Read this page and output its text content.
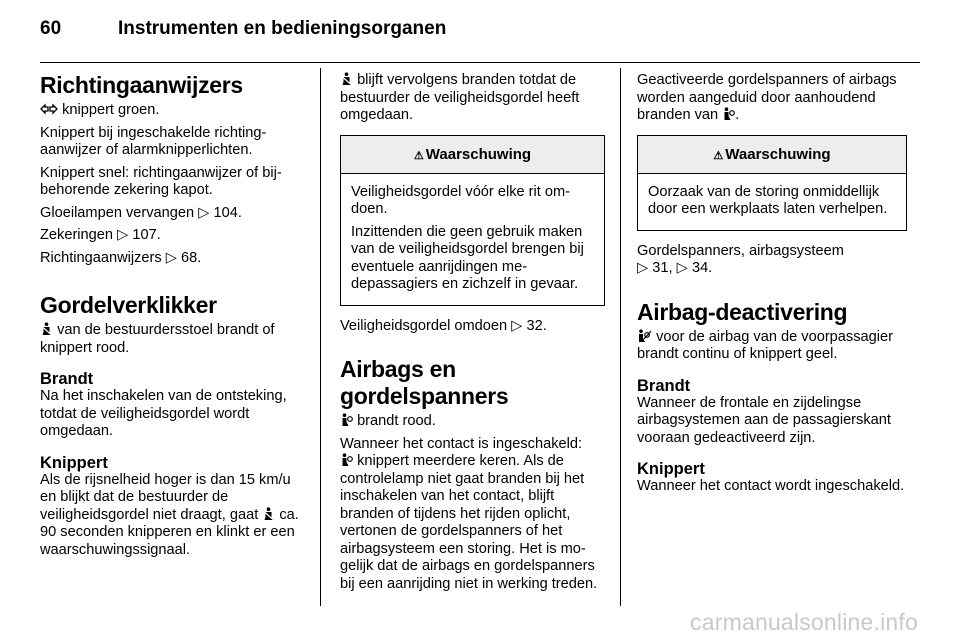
60	Instrumenten en bedieningsorganen
Richtingaanwijzers

knippert groen.

Knippert bij ingeschakelde richtingaanwijzer of alarmknipperlichten.

Knippert snel: richtingaanwijzer of bijbehorende zekering kapot.

Gloeilampen vervangen ▷ 104.

Zekeringen ▷ 107.

Richtingaanwijzers ▷ 68.

Gordelverklikker

van de bestuurdersstoel brandt of knippert rood.

Brandt

Na het inschakelen van de ontsteking, totdat de veiligheidsgordel wordt omgedaan.

Knippert

Als de rijsnelheid hoger is dan 15 km/u en blijkt dat de bestuurder de veiligheidsgordel niet draagt, gaat ca. 90 seconden knipperen en klinkt er een waarschuwingssignaal.

blijft vervolgens branden totdat de bestuurder de veiligheidsgordel heeft omgedaan.

⚠ Waarschuwing

Veiligheidsgordel vóór elke rit omdoen.

Inzittenden die geen gebruik maken van de veiligheidsgordel brengen bij eventuele aanrijdingen medepassagiers en zichzelf in gevaar.

Veiligheidsgordel omdoen ▷ 32.

Airbags en gordelspanners

brandt rood.

Wanneer het contact is ingeschakeld:
knippert meerdere keren. Als de controlelamp niet gaat branden bij het inschakelen van het contact, blijft branden of tijdens het rijden oplicht, vertonen de gordelspanners of het airbagsysteem een storing. Het is mogelijk dat de airbags en gordelspanners bij een aanrijding niet in werking treden.

Geactiveerde gordelspanners of airbags worden aangeduid door aanhoudend branden van .

⚠ Waarschuwing

Oorzaak van de storing onmiddellijk door een werkplaats laten verhelpen.

Gordelspanners, airbagsysteem
▷ 31, ▷ 34.

Airbag-deactivering

voor de airbag van de voorpassagier brandt continu of knippert geel.

Brandt

Wanneer de frontale en zijdelingse airbagsystemen aan de passagierskant vooraan gedeactiveerd zijn.

Knippert

Wanneer het contact wordt ingeschakeld.

carmanualsonline.info
